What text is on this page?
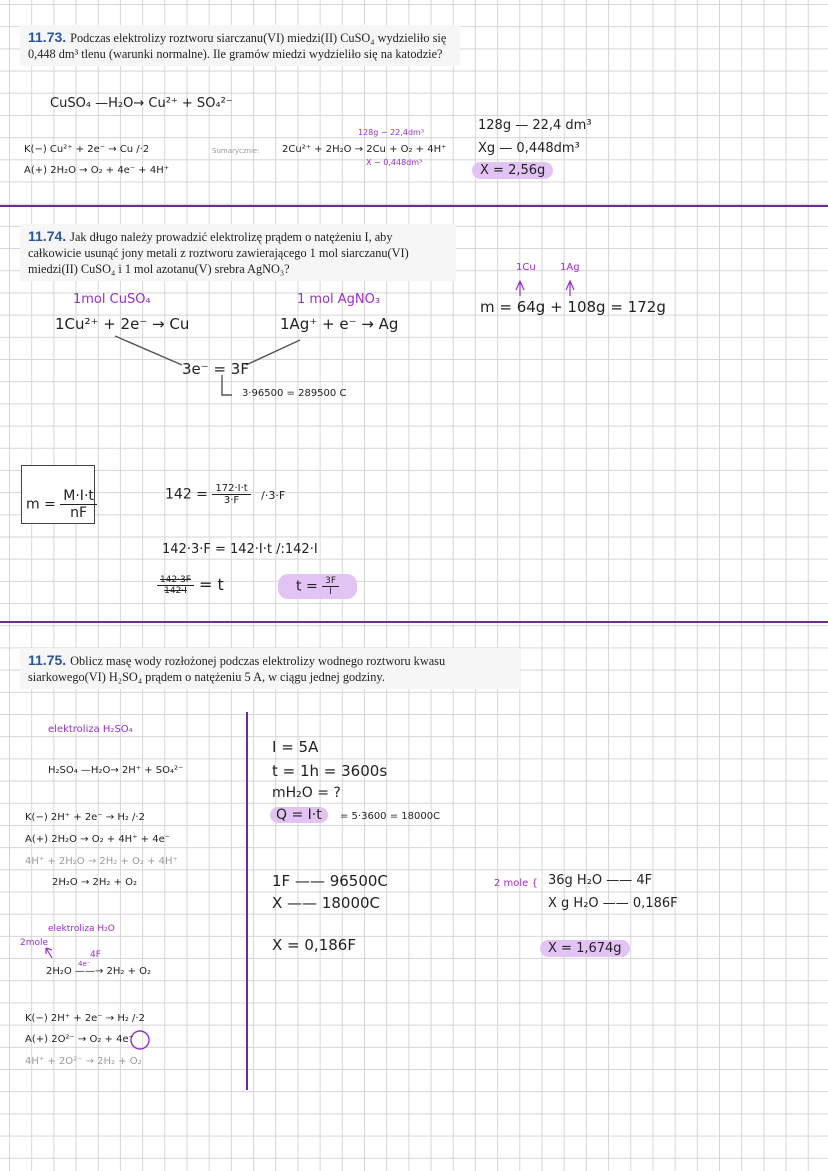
11.73. Podczas elektrolizy roztworu siarczanu(VI) miedzi(II) CuSO₄ wydzieliło się 0,448 dm³ tlenu (warunki normalne). Ile gramów miedzi wydzieliło się na katodzie?
CuSO₄ —H₂O→ Cu²⁺ + SO₄²⁻
K(−) Cu²⁺ + 2e⁻ → Cu /·2
A(+) 2H₂O → O₂ + 4e⁻ + 4H⁺
Sumarycznie:
128g − 22,4dm³
2Cu²⁺ + 2H₂O → 2Cu + O₂ + 4H⁺
X − 0,448dm³
128g — 22,4 dm³
Xg — 0,448dm³
X = 2,56g
11.74. Jak długo należy prowadzić elektrolizę prądem o natężeniu I, aby całkowicie usunąć jony metali z roztworu zawierającego 1 mol siarczanu(VI) miedzi(II) CuSO₄ i 1 mol azotanu(V) srebra AgNO₃?
1mol CuSO₄
1Cu²⁺ + 2e⁻ → Cu
1 mol AgNO₃
1Ag⁺ + e⁻ → Ag
3e⁻ = 3F
3·96500 = 289500 C
1Cu 1Ag
m = 64g + 108g = 172g
$m = \frac{M\cdot I\cdot t}{nF}$	$142 = \frac{172\cdot I\cdot t}{3\cdot F} /\cdot 3\cdot F$
142·3·F = 142·I·t /:142·I
$\frac{142\cdot 3F}{142\cdot I} = t$	$t = \frac{3F}{I}$
11.75. Oblicz masę wody rozłożonej podczas elektrolizy wodnego roztworu kwasu siarkowego(VI) H₂SO₄ prądem o natężeniu 5 A, w ciągu jednej godziny.
elektroliza H₂SO₄
H₂SO₄ —H₂O→ 2H⁺ + SO₄²⁻
K(−) 2H⁺ + 2e⁻ → H₂ /·2
A(+) 2H₂O → O₂ + 4H⁺ + 4e⁻
4H⁺ + 2H₂O → 2H₂ + O₂ + 4H⁺
2H₂O → 2H₂ + O₂
elektroliza H₂O
2mole
4F
4e⁻
2H₂O ——→ 2H₂ + O₂
K(−) 2H⁺ + 2e⁻ → H₂ /·2
A(+) 2O²⁻ → O₂ + 4e⁻
4H⁺ + 2O²⁻ → 2H₂ + O₂
I = 5A
t = 1h = 3600s
mH₂O = ?
Q = I·t	= 5·3600 = 18000C
1F —— 96500C
X —— 18000C
X = 0,186F
2 mole { 36g H₂O —— 4F
X g H₂O —— 0,186F
X = 1,674g
